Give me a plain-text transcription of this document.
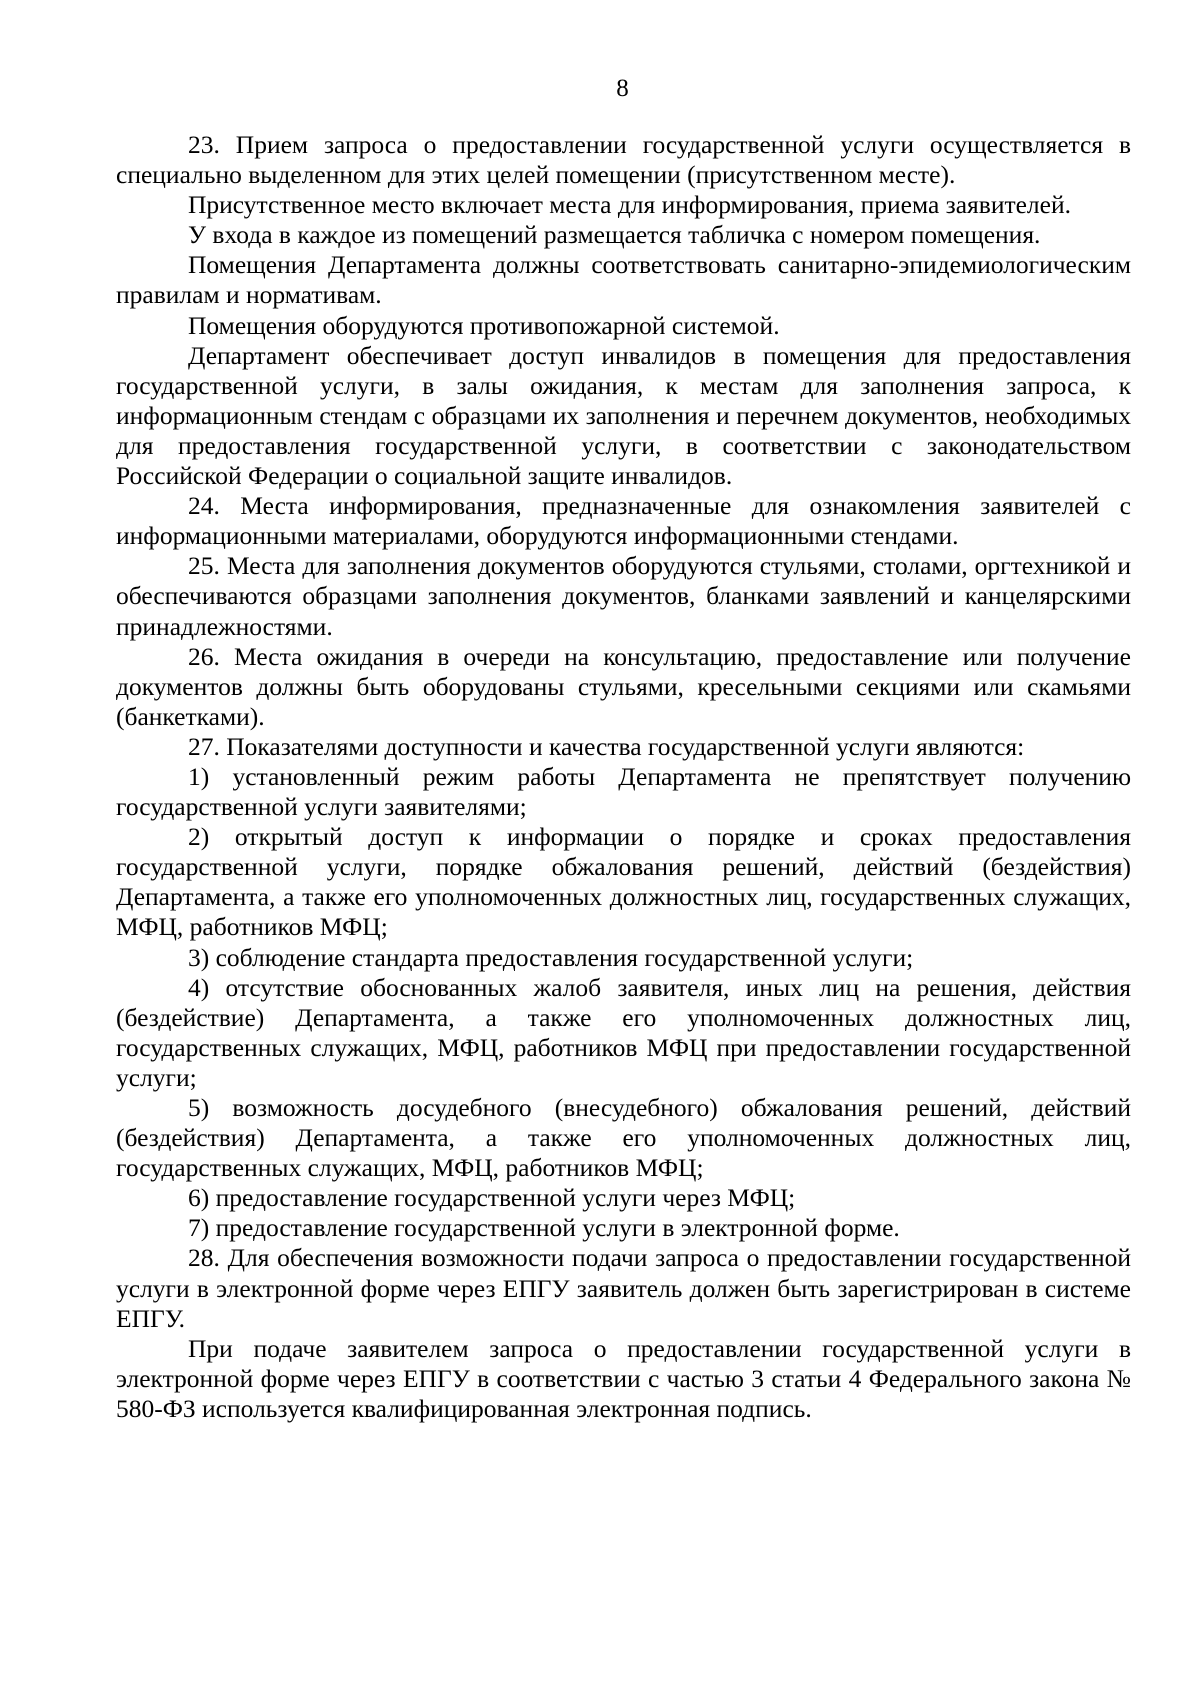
8

23. Прием запроса о предоставлении государственной услуги осуществляется в специально выделенном для этих целей помещении (присутственном месте).

Присутственное место включает места для информирования, приема заявителей.

У входа в каждое из помещений размещается табличка с номером помещения.

Помещения Департамента должны соответствовать санитарно-эпидемиологическим правилам и нормативам.

Помещения оборудуются противопожарной системой.

Департамент обеспечивает доступ инвалидов в помещения для предоставления государственной услуги, в залы ожидания, к местам для заполнения запроса, к информационным стендам с образцами их заполнения и перечнем документов, необходимых для предоставления государственной услуги, в соответствии с законодательством Российской Федерации о социальной защите инвалидов.

24. Места информирования, предназначенные для ознакомления заявителей с информационными материалами, оборудуются информационными стендами.

25. Места для заполнения документов оборудуются стульями, столами, оргтехникой и обеспечиваются образцами заполнения документов, бланками заявлений и канцелярскими принадлежностями.

26. Места ожидания в очереди на консультацию, предоставление или получение документов должны быть оборудованы стульями, кресельными секциями или скамьями (банкетками).

27. Показателями доступности и качества государственной услуги являются:

1) установленный режим работы Департамента не препятствует получению государственной услуги заявителями;

2) открытый доступ к информации о порядке и сроках предоставления государственной услуги, порядке обжалования решений, действий (бездействия) Департамента, а также его уполномоченных должностных лиц, государственных служащих, МФЦ, работников МФЦ;

3) соблюдение стандарта предоставления государственной услуги;

4) отсутствие обоснованных жалоб заявителя, иных лиц на решения, действия (бездействие) Департамента, а также его уполномоченных должностных лиц, государственных служащих, МФЦ, работников МФЦ при предоставлении государственной услуги;

5) возможность досудебного (внесудебного) обжалования решений, действий (бездействия) Департамента, а также его уполномоченных должностных лиц, государственных служащих, МФЦ, работников МФЦ;

6) предоставление государственной услуги через МФЦ;

7) предоставление государственной услуги в электронной форме.

28. Для обеспечения возможности подачи запроса о предоставлении государственной услуги в электронной форме через ЕПГУ заявитель должен быть зарегистрирован в системе ЕПГУ.

При подаче заявителем запроса о предоставлении государственной услуги в электронной форме через ЕПГУ в соответствии с частью 3 статьи 4 Федерального закона № 580-ФЗ используется квалифицированная электронная подпись.
